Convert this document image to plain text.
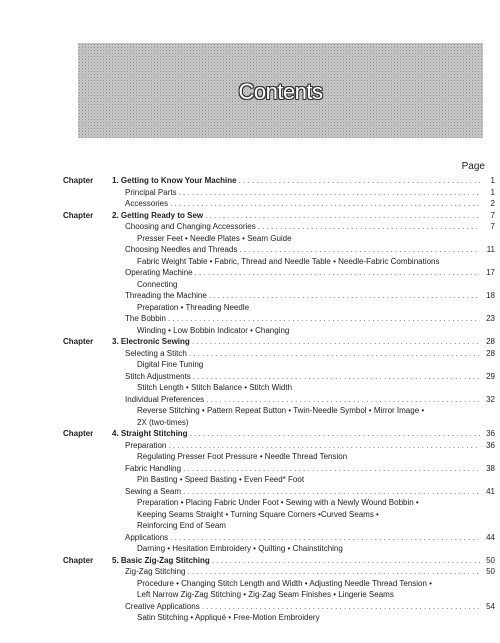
Contents
Page
Chapter 1. Getting to Know Your Machine . . .	1
Principal Parts . . .	1
Accessories . . .	2
Chapter 2. Getting Ready to Sew . . .	7
Choosing and Changing Accessories . . .	7
Presser Feet • Needle Plates • Seam Guide
Choosing Needles and Threads . . .	11
Fabric Weight Table • Fabric, Thread and Needle Table • Needle-Fabric Combinations
Operating Machine . . .	17
Connecting
Threading the Machine . . .	18
Preparation • Threading Needle
The Bobbin . . .	23
Winding • Low Bobbin Indicator • Changing
Chapter 3. Electronic Sewing . . .	28
Selecting a Stitch . . .	28
Digital Fine Tuning
Stitch Adjustments . . .	29
Stitch Length • Stitch Balance • Stitch Width
Individual Preferences . . .	32
Reverse Stitching • Pattern Repeat Button • Twin-Needle Symbol • Mirror Image •
2X (two-times)
Chapter 4. Straight Stitching . . .	36
Preparation . . .	36
Regulating Presser Foot Pressure • Needle Thread Tension
Fabric Handling . . .	38
Pin Basting • Speed Basting • Even Feed* Foot
Sewing a Seam . . .	41
Preparation • Placing Fabric Under Foot • Sewing with a Newly Wound Bobbin •
Keeping Seams Straight • Turning Square Corners •Curved Seams •
Reinforcing End of Seam
Applications . . .	44
Darning • Hesitation Embroidery • Quilting • Chainstitching
Chapter 5. Basic Zig-Zag Stitching . . .	50
Zig-Zag Stitching . . .	50
Procedure • Changing Stitch Length and Width • Adjusting Needle Thread Tension •
Left Narrow Zig-Zag Stitching • Zig-Zag Seam Finishes • Lingerie Seams
Creative Applications . . .	54
Satin Stitching • Appliqué • Free-Motion Embroidery
